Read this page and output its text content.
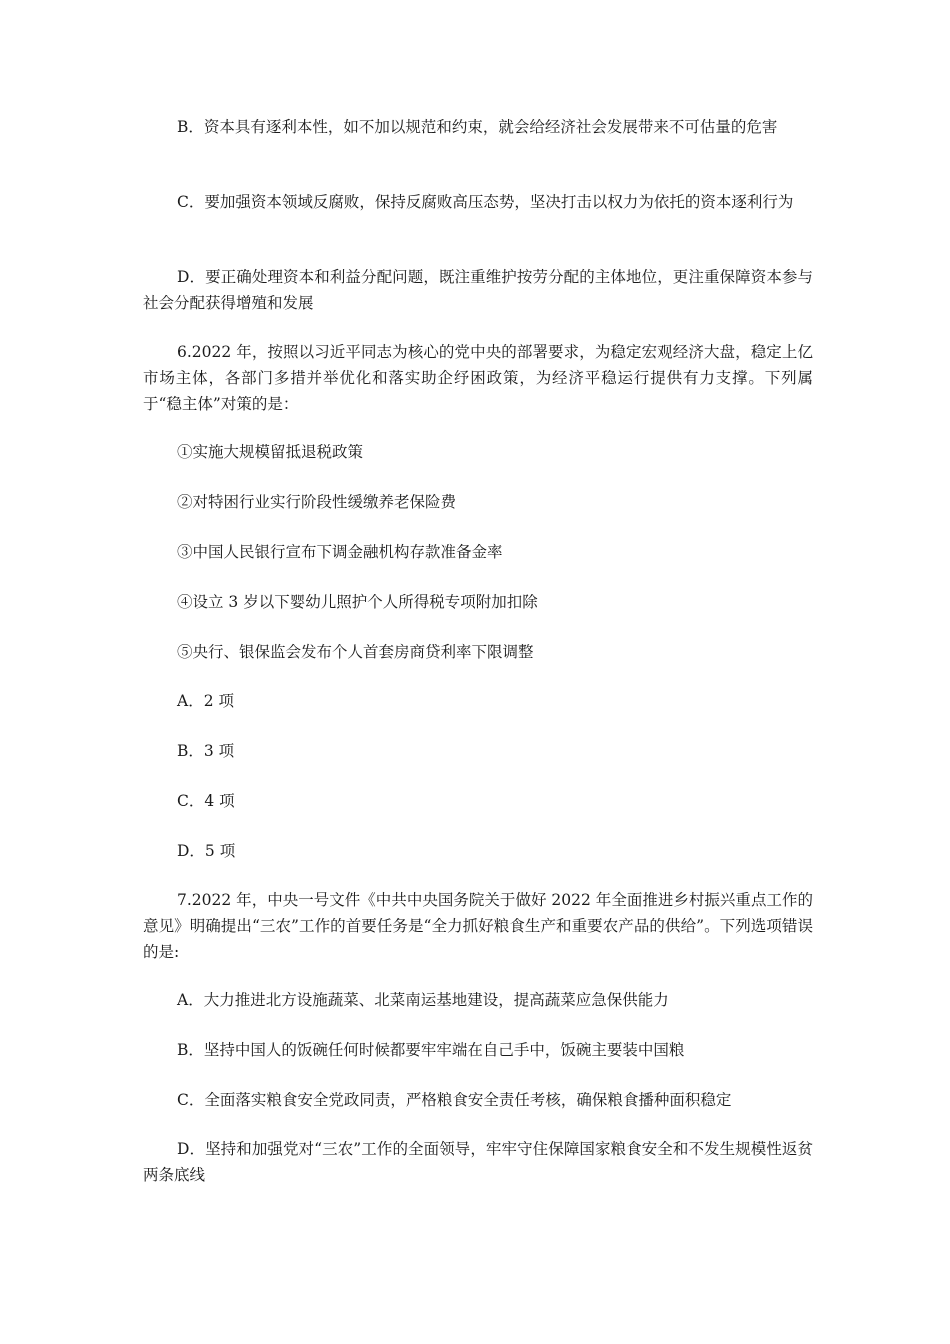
B．资本具有逐利本性，如不加以规范和约束，就会给经济社会发展带来不可估量的危害

C．要加强资本领域反腐败，保持反腐败高压态势，坚决打击以权力为依托的资本逐利行为

D．要正确处理资本和利益分配问题，既注重维护按劳分配的主体地位，更注重保障资本参与社会分配获得增殖和发展

6.2022 年，按照以习近平同志为核心的党中央的部署要求，为稳定宏观经济大盘，稳定上亿市场主体，各部门多措并举优化和落实助企纾困政策，为经济平稳运行提供有力支撑。下列属于“稳主体”对策的是：

①实施大规模留抵退税政策

②对特困行业实行阶段性缓缴养老保险费

③中国人民银行宣布下调金融机构存款准备金率

④设立 3 岁以下婴幼儿照护个人所得税专项附加扣除

⑤央行、银保监会发布个人首套房商贷利率下限调整

A．2 项

B．3 项

C．4 项

D．5 项

7.2022 年，中央一号文件《中共中央国务院关于做好 2022 年全面推进乡村振兴重点工作的意见》明确提出“三农”工作的首要任务是“全力抓好粮食生产和重要农产品的供给”。下列选项错误的是:

A．大力推进北方设施蔬菜、北菜南运基地建设，提高蔬菜应急保供能力

B．坚持中国人的饭碗任何时候都要牢牢端在自己手中，饭碗主要装中国粮

C．全面落实粮食安全党政同责，严格粮食安全责任考核，确保粮食播种面积稳定

D．坚持和加强党对“三农”工作的全面领导，牢牢守住保障国家粮食安全和不发生规模性返贫两条底线
